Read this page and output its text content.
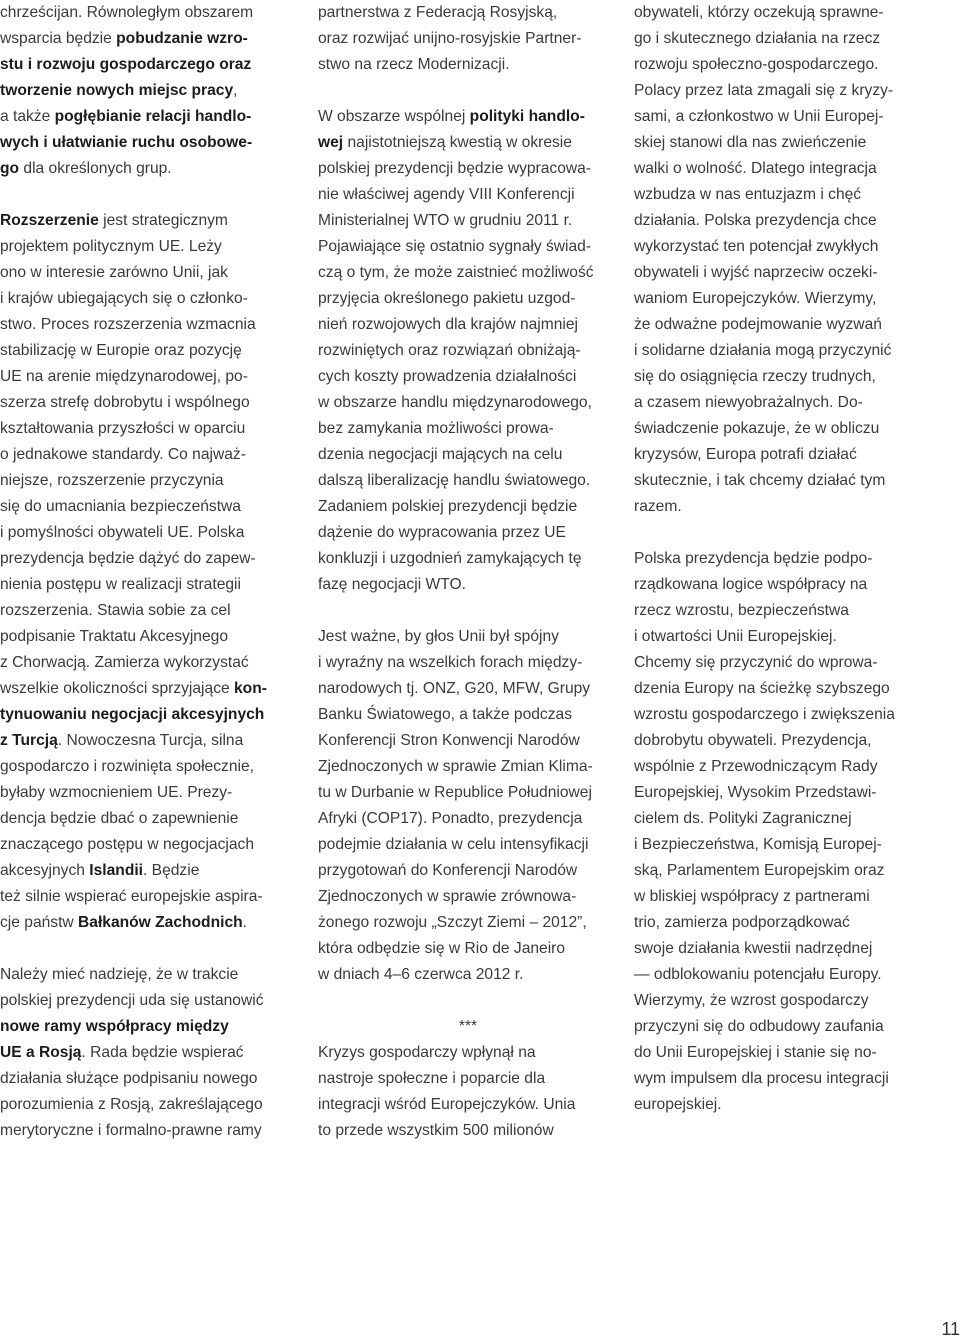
chrześcijan. Równoległym obszarem
wsparcia będzie pobudzanie wzro-
stu i rozwoju gospodarczego oraz
tworzenie nowych miejsc pracy,
a także pogłębianie relacji handlo-
wych i ułatwianie ruchu osobowe-
go dla określonych grup.

Rozszerzenie jest strategicznym
projektem politycznym UE. Leży
ono w interesie zarówno Unii, jak
i krajów ubiegających się o członko-
stwo. Proces rozszerzenia wzmacnia
stabilizację w Europie oraz pozycję
UE na arenie międzynarodowej, po-
szerza strefę dobrobytu i wspólnego
kształtowania przyszłości w oparciu
o jednakowe standardy. Co najważ-
niejsze, rozszerzenie przyczynia
się do umacniania bezpieczeństwa
i pomyślności obywateli UE. Polska
prezydencja będzie dążyć do zapew-
nienia postępu w realizacji strategii
rozszerzenia. Stawia sobie za cel
podpisanie Traktatu Akcesyjnego
z Chorwacją. Zamierza wykorzystać
wszelkie okoliczności sprzyjające kon-
tynuowaniu negocjacji akcesyjnych
z Turcją. Nowoczesna Turcja, silna
gospodarczo i rozwinięta społecznie,
byłaby wzmocnieniem UE. Prezy-
dencja będzie dbać o zapewnienie
znaczącego postępu w negocjacjach
akcesyjnych Islandii. Będzie
też silnie wspierać europejskie aspira-
cje państw Bałkanów Zachodnich.

Należy mieć nadzieję, że w trakcie
polskiej prezydencji uda się ustanowić
nowe ramy współpracy między
UE a Rosją. Rada będzie wspierać
działania służące podpisaniu nowego
porozumienia z Rosją, zakreślającego
merytoryczne i formalno-prawne ramy

partnerstwa z Federacją Rosyjską,
oraz rozwijać unijno-rosyjskie Partner-
stwo na rzecz Modernizacji.

W obszarze wspólnej polityki handlo-
wej najistotniejszą kwestią w okresie
polskiej prezydencji będzie wypracowa-
nie właściwej agendy VIII Konferencji
Ministerialnej WTO w grudniu 2011 r.
Pojawiające się ostatnio sygnały świad-
czą o tym, że może zaistnieć możliwość
przyjęcia określonego pakietu uzgod-
nień rozwojowych dla krajów najmniej
rozwiniętych oraz rozwiązań obniżają-
cych koszty prowadzenia działalności
w obszarze handlu międzynarodowego,
bez zamykania możliwości prowa-
dzenia negocjacji mających na celu
dalszą liberalizację handlu światowego.
Zadaniem polskiej prezydencji będzie
dążenie do wypracowania przez UE
konkluzji i uzgodnień zamykających tę
fazę negocjacji WTO.

Jest ważne, by głos Unii był spójny
i wyraźny na wszelkich forach między-
narodowych tj. ONZ, G20, MFW, Grupy
Banku Światowego, a także podczas
Konferencji Stron Konwencji Narodów
Zjednoczonych w sprawie Zmian Klima-
tu w Durbanie w Republice Południowej
Afryki (COP17). Ponadto, prezydencja
podejmie działania w celu intensyfikacji
przygotowań do Konferencji Narodów
Zjednoczonych w sprawie zrównowa-
żonego rozwoju „Szczyt Ziemi – 2012”,
która odbędzie się w Rio de Janeiro
w dniach 4–6 czerwca 2012 r.

***

Kryzys gospodarczy wpłynął na
nastroje społeczne i poparcie dla
integracji wśród Europejczyków. Unia
to przede wszystkim 500 milionów

obywateli, którzy oczekują sprawne-
go i skutecznego działania na rzecz
rozwoju społeczno-gospodarczego.
Polacy przez lata zmagali się z kryzy-
sami, a członkostwo w Unii Europej-
skiej stanowi dla nas zwieńczenie
walki o wolność. Dlatego integracja
wzbudza w nas entuzjazm i chęć
działania. Polska prezydencja chce
wykorzystać ten potencjał zwykłych
obywateli i wyjść naprzeciw oczeki-
waniom Europejczyków. Wierzymy,
że odważne podejmowanie wyzwań
i solidarne działania mogą przyczynić
się do osiągnięcia rzeczy trudnych,
a czasem niewyobrażalnych. Do-
świadczenie pokazuje, że w obliczu
kryzysów, Europa potrafi działać
skutecznie, i tak chcemy działać tym
razem.

Polska prezydencja będzie podpo-
rządkowana logice współpracy na
rzecz wzrostu, bezpieczeństwa
i otwartości Unii Europejskiej.
Chcemy się przyczynić do wprowa-
dzenia Europy na ścieżkę szybszego
wzrostu gospodarczego i zwiększenia
dobrobytu obywateli. Prezydencja,
wspólnie z Przewodniczącym Rady
Europejskiej, Wysokim Przedstawi-
cielem ds. Polityki Zagranicznej
i Bezpieczeństwa, Komisją Europej-
ską, Parlamentem Europejskim oraz
w bliskiej współpracy z partnerami
trio, zamierza podporządkować
swoje działania kwestii nadrzędnej
— odblokowaniu potencjału Europy.
Wierzymy, że wzrost gospodarczy
przyczyni się do odbudowy zaufania
do Unii Europejskiej i stanie się no-
wym impulsem dla procesu integracji
europejskiej.

11
